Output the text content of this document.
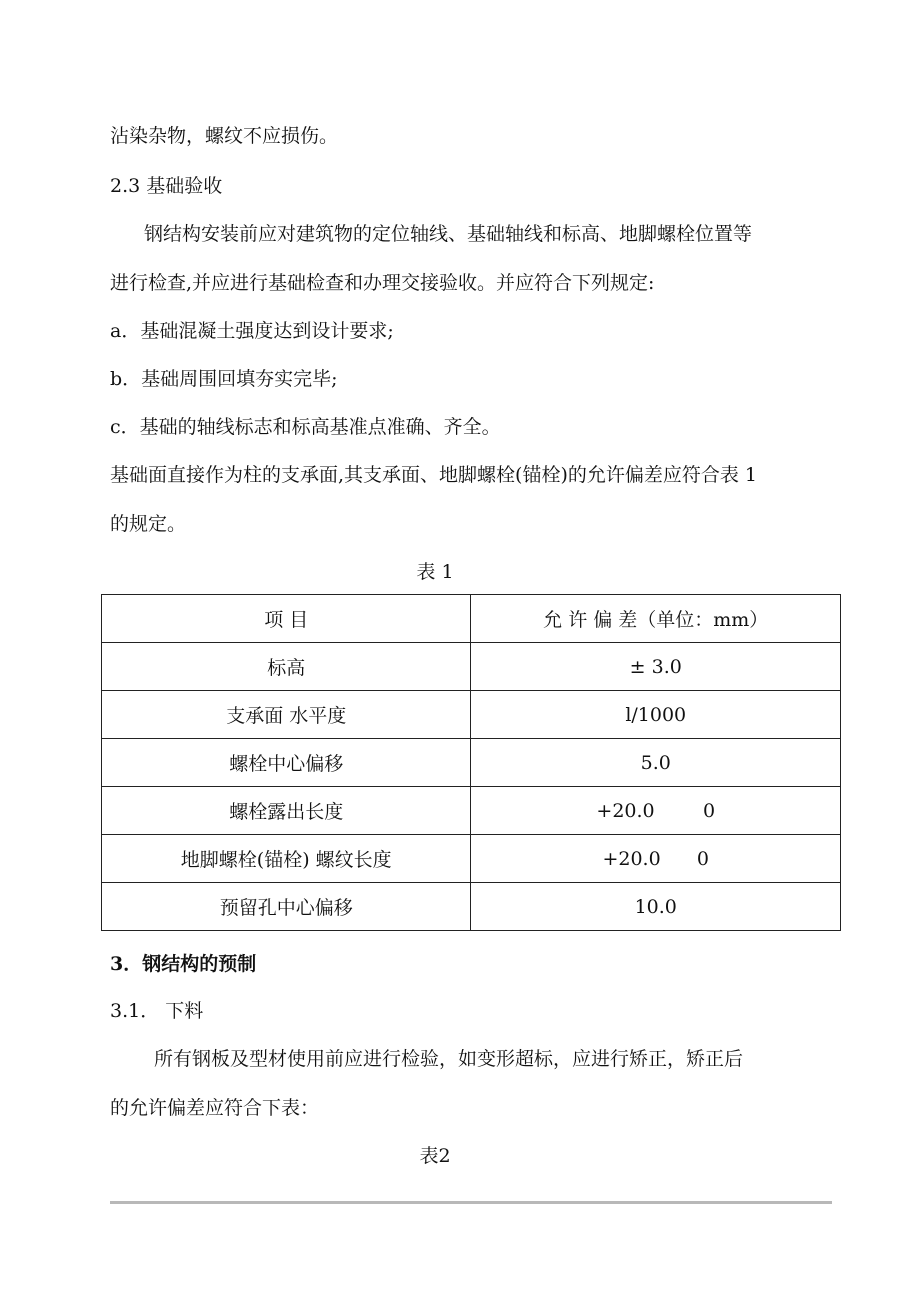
沾染杂物，螺纹不应损伤。
2.3 基础验收
钢结构安装前应对建筑物的定位轴线、基础轴线和标高、地脚螺栓位置等
进行检查,并应进行基础检查和办理交接验收。并应符合下列规定:
a．基础混凝土强度达到设计要求;
b．基础周围回填夯实完毕;
c．基础的轴线标志和标高基准点准确、齐全。
基础面直接作为柱的支承面,其支承面、地脚螺栓(锚栓)的允许偏差应符合表 1
的规定。
表 1
项 目	允 许 偏 差（单位：mm）
标高	± 3.0
支承面 水平度	l/1000
螺栓中心偏移	5.0
螺栓露出长度	+20.0        0
地脚螺栓(锚栓) 螺纹长度	+20.0      0
预留孔中心偏移	10.0
3．钢结构的预制
3.1． 下料
所有钢板及型材使用前应进行检验，如变形超标，应进行矫正，矫正后
的允许偏差应符合下表：
表2
